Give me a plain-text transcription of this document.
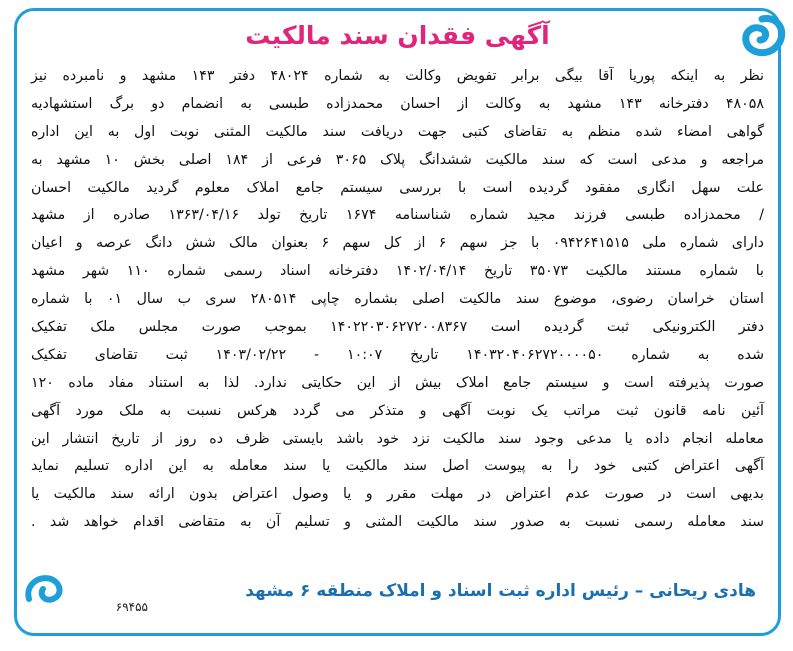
آگهی فقدان سند مالکیت
نظر به اینکه پوریا آقا بیگی برابر تفویض وکالت به شماره ۴۸۰۲۴ دفتر ۱۴۳ مشهد و نامبرده نیز
۴۸۰۵۸ دفترخانه ۱۴۳ مشهد به وکالت از احسان محمدزاده طبسی به انضمام دو برگ استشهادیه
گواهی امضاء شده منظم به تقاضای کتبی جهت دریافت سند مالکیت المثنی نوبت اول به این اداره
مراجعه و مدعی است که سند مالکیت ششدانگ پلاک ۳۰۶۵ فرعی از ۱۸۴ اصلی بخش ۱۰ مشهد به
علت سهل انگاری مفقود گردیده است با بررسی سیستم جامع املاک معلوم گردید مالکیت احسان
/ محمدزاده طبسی فرزند مجید شماره شناسنامه ۱۶۷۴ تاریخ تولد ۱۳۶۳/۰۴/۱۶ صادره از مشهد
دارای شماره ملی ۰۹۴۲۶۴۱۵۱۵ با جز سهم ۶ از کل سهم ۶ بعنوان مالک شش دانگ عرصه و اعیان
با شماره مستند مالکیت ۳۵۰۷۳ تاریخ ۱۴۰۲/۰۴/۱۴ دفترخانه اسناد رسمی شماره ۱۱۰ شهر مشهد
استان خراسان رضوی، موضوع سند مالکیت اصلی بشماره چاپی ۲۸۰۵۱۴ سری ب سال ۰۱ با شماره
دفتر الکترونیکی ثبت گردیده است ۱۴۰۲۲۰۳۰۶۲۷۲۰۰۸۳۶۷ بموجب صورت مجلس ملک تفکیک
شده به شماره ۱۴۰۳۲۰۴۰۶۲۷۲۰۰۰۰۵۰ تاریخ ۱۰:۰۷ - ۱۴۰۳/۰۲/۲۲ ثبت تقاضای تفکیک
صورت پذیرفته است و سیستم جامع املاک بیش از این حکایتی ندارد. لذا به استناد مفاد ماده ۱۲۰
آئین نامه قانون ثبت مراتب یک نوبت آگهی و متذکر می گردد هرکس نسبت به ملک مورد آگهی
معامله انجام داده یا مدعی وجود سند مالکیت نزد خود باشد بایستی ظرف ده روز از تاریخ انتشار این
آگهی اعتراض کتبی خود را به پیوست اصل سند مالکیت یا سند معامله به این اداره تسلیم نماید
بدیهی است در صورت عدم اعتراض در مهلت مقرر و یا وصول اعتراض بدون ارائه سند مالکیت یا
سند معامله رسمی نسبت به صدور سند مالکیت المثنی و تسلیم آن به متقاضی اقدام خواهد شد .
هادی ریحانی – رئیس اداره ثبت اسناد و املاک منطقه ۶ مشهد
۶۹۴۵۵
